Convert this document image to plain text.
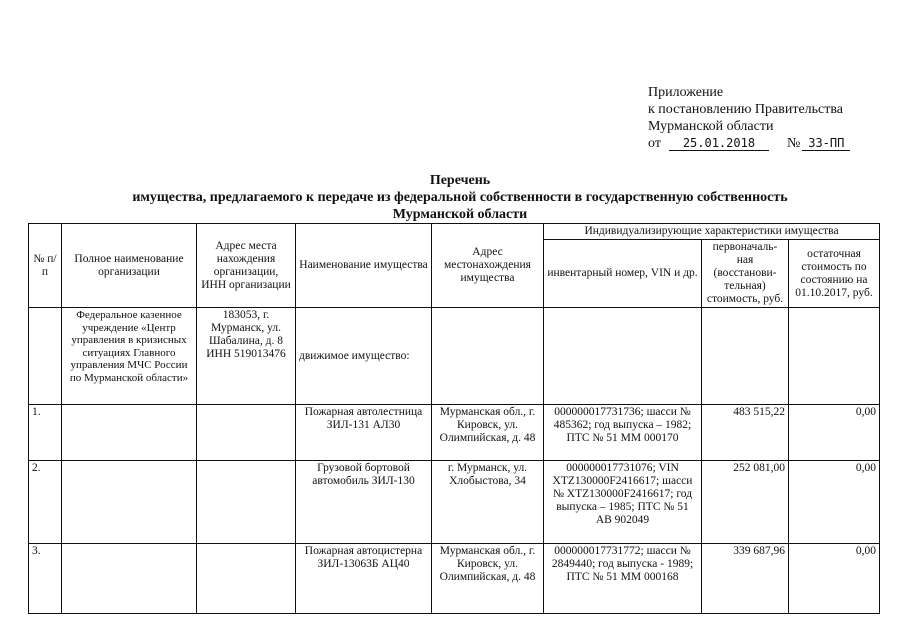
Приложение
к постановлению Правительства
Мурманской области
от 25.01.2018 № 33-ПП
Перечень
имущества, предлагаемого к передаче из федеральной собственности в государственную собственность
Мурманской области
№ п/п	Полное наименование организации	Адрес места нахождения организации, ИНН организации	Наименование имущества	Адрес местонахождения имущества	Индивидуализирующие характеристики имущества		
					инвентарный номер, VIN и др.	первоначаль-ная (восстанови-тельная) стоимость, руб.	остаточная стоимость по состоянию на 01.10.2017, руб.
	Федеральное казенное учреждение «Центр управления в кризисных ситуациях Главного управления МЧС России по Мурманской области»	183053, г. Мурманск, ул. Шабалина, д. 8 ИНН 519013476	движимое имущество:				
1.			Пожарная автолестница ЗИЛ-131 АЛ30	Мурманская обл., г. Кировск, ул. Олимпийская, д. 48	000000017731736; шасси № 485362; год выпуска – 1982; ПТС № 51 ММ 000170	483 515,22	0,00
2.			Грузовой бортовой автомобиль ЗИЛ-130	г. Мурманск, ул. Хлобыстова, 34	000000017731076; VIN XTZ130000F2416617; шасси № XTZ130000F2416617; год выпуска – 1985; ПТС № 51 АВ 902049	252 081,00	0,00
3.			Пожарная автоцистерна ЗИЛ-13063Б АЦ40	Мурманская обл., г. Кировск, ул. Олимпийская, д. 48	000000017731772; шасси № 2849440; год выпуска - 1989; ПТС № 51 ММ 000168	339 687,96	0,00
